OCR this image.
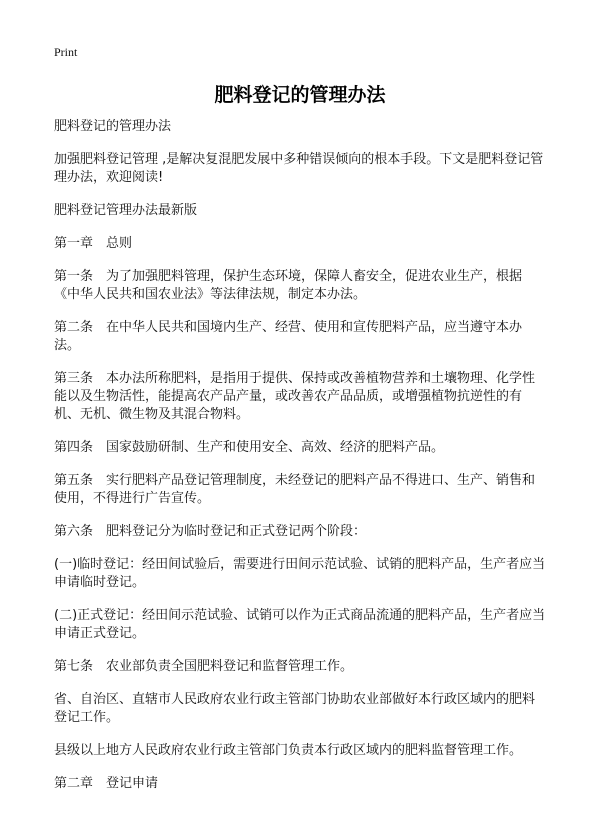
Print
肥料登记的管理办法

肥料登记的管理办法

加强肥料登记管理 ,是解决复混肥发展中多种错误倾向的根本手段。下文是肥料登记管理办法，欢迎阅读!

肥料登记管理办法最新版

第一章　总则

第一条　为了加强肥料管理，保护生态环境，保障人畜安全，促进农业生产，根据《中华人民共和国农业法》等法律法规，制定本办法。

第二条　在中华人民共和国境内生产、经营、使用和宣传肥料产品，应当遵守本办法。

第三条　本办法所称肥料，是指用于提供、保持或改善植物营养和土壤物理、化学性能以及生物活性，能提高农产品产量，或改善农产品品质，或增强植物抗逆性的有机、无机、微生物及其混合物料。

第四条　国家鼓励研制、生产和使用安全、高效、经济的肥料产品。

第五条　实行肥料产品登记管理制度，未经登记的肥料产品不得进口、生产、销售和使用，不得进行广告宣传。

第六条　肥料登记分为临时登记和正式登记两个阶段：

(一)临时登记：经田间试验后，需要进行田间示范试验、试销的肥料产品，生产者应当申请临时登记。

(二)正式登记：经田间示范试验、试销可以作为正式商品流通的肥料产品，生产者应当申请正式登记。

第七条　农业部负责全国肥料登记和监督管理工作。

省、自治区、直辖市人民政府农业行政主管部门协助农业部做好本行政区域内的肥料登记工作。

县级以上地方人民政府农业行政主管部门负责本行政区域内的肥料监督管理工作。

第二章　登记申请
